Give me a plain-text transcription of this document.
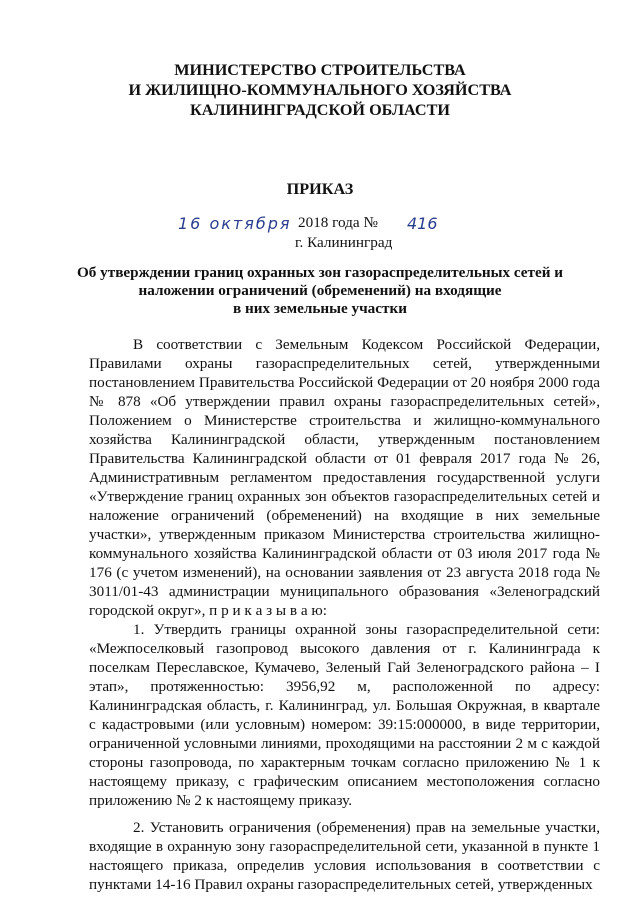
МИНИСТЕРСТВО СТРОИТЕЛЬСТВА
И ЖИЛИЩНО-КОММУНАЛЬНОГО ХОЗЯЙСТВА
КАЛИНИНГРАДСКОЙ ОБЛАСТИ
ПРИКАЗ
16 октября 2018 года № 416
г. Калининград
Об утверждении границ охранных зон газораспределительных сетей и
наложении ограничений (обременений) на входящие
в них земельные участки
В соответствии с Земельным Кодексом Российской Федерации, Правилами охраны газораспределительных сетей, утвержденными постановлением Правительства Российской Федерации от 20 ноября 2000 года № 878 «Об утверждении правил охраны газораспределительных сетей», Положением о Министерстве строительства и жилищно-коммунального хозяйства Калининградской области, утвержденным постановлением Правительства Калининградской области от 01 февраля 2017 года № 26, Административным регламентом предоставления государственной услуги «Утверждение границ охранных зон объектов газораспределительных сетей и наложение ограничений (обременений) на входящие в них земельные участки», утвержденным приказом Министерства строительства жилищно-коммунального хозяйства Калининградской области от 03 июля 2017 года № 176 (с учетом изменений), на основании заявления от 23 августа 2018 года № 3011/01-43 администрации муниципального образования «Зеленоградский городской округ», п р и к а з ы в а ю:
1. Утвердить границы охранной зоны газораспределительной сети: «Межпоселковый газопровод высокого давления от г. Калининграда к поселкам Переславское, Кумачево, Зеленый Гай Зеленоградского района – I этап», протяженностью: 3956,92 м, расположенной по адресу: Калининградская область, г. Калининград, ул. Большая Окружная, в квартале с кадастровыми (или условным) номером: 39:15:000000, в виде территории, ограниченной условными линиями, проходящими на расстоянии 2 м с каждой стороны газопровода, по характерным точкам согласно приложению № 1 к настоящему приказу, с графическим описанием местоположения согласно приложению № 2 к настоящему приказу.
2. Установить ограничения (обременения) прав на земельные участки, входящие в охранную зону газораспределительной сети, указанной в пункте 1 настоящего приказа, определив условия использования в соответствии с пунктами 14-16 Правил охраны газораспределительных сетей, утвержденных
